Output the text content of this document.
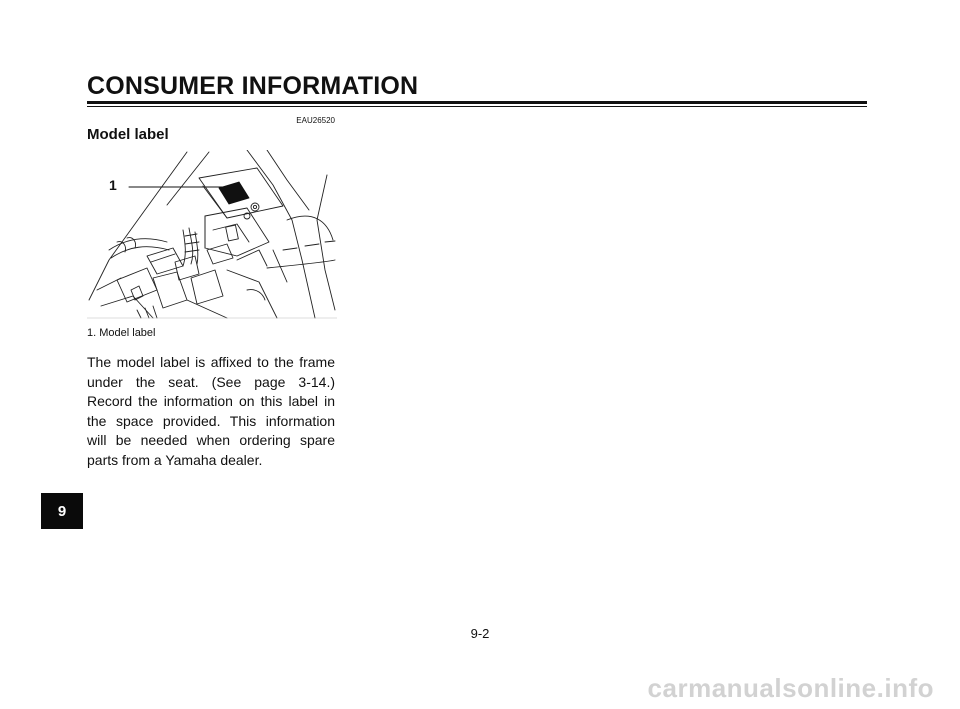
CONSUMER INFORMATION
EAU26520
Model label
1
1. Model label

The model label is affixed to the frame under the seat. (See page 3-14.) Record the information on this label in the space provided. This information will be needed when ordering spare parts from a Yamaha dealer.

9
9-2
carmanualsonline.info
